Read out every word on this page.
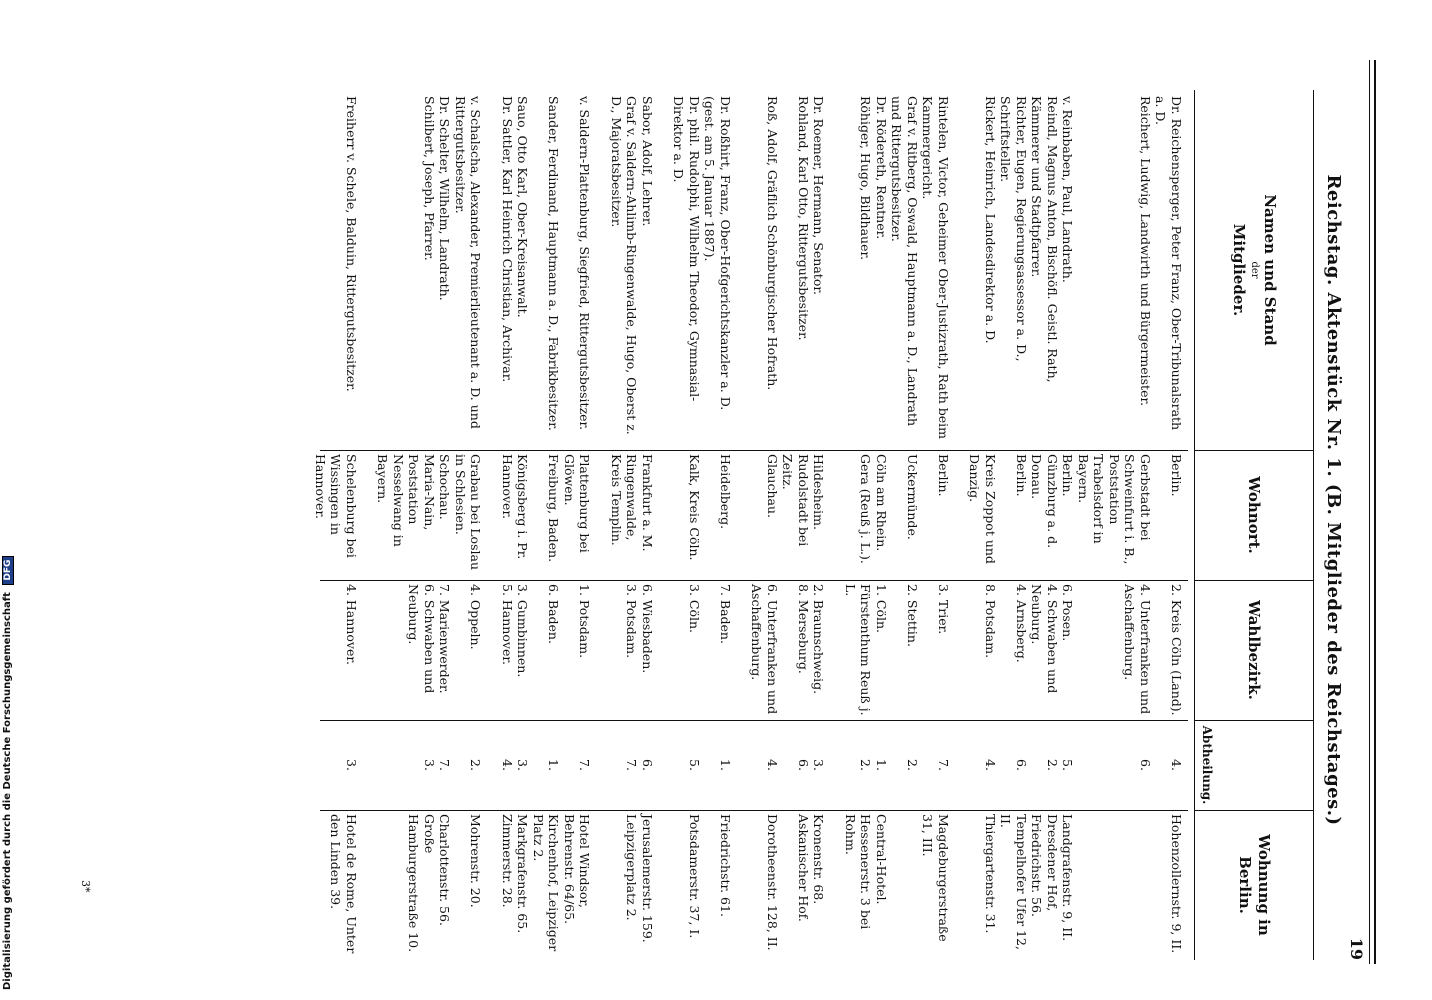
Digitalisierung gefördert durch die Deutsche Forschungsgemeinschaft DFG
19
Reichstag. Aktenstück Nr. 1. (B. Mitglieder des Reichstages.)
Namen und Stand
der
Mitglieder.
Wohnort.
Wahlbezirk.
Abtheilung.
Wohnung in
Berlin.
Dr. Reichensperger, Peter Franz, Ober-Tribunalsrath a. D.
Berlin.
2. Kreis Cöln (Land).
4.
Hohenzollernstr. 9, II.
Reichert, Ludwig, Landwirth und Bürgermeister.
Gerbstadt bei Schweinfurt i. B., Poststation Trabelsdorf in Bayern.
4. Unterfranken und Aschaffenburg.
6.
v. Reinbaben, Paul, Landrath.
Berlin.
6. Posen.
5.
Landgrafenstr. 9, II.
Reindl, Magnus Anton, Bischöfl. Geistl. Rath, Kämmerer und Stadtpfarrer.
Günzburg a. d. Donau.
4. Schwaben und Neuburg.
2.
Dresdener Hof, Friedrichstr. 56.
Richter, Eugen, Regierungsassessor a. D., Schriftsteller.
Berlin.
4. Arnsberg.
6.
Tempelhofer Ufer 12, II.
Rickert, Heinrich, Landesdirektor a. D.
Kreis Zoppot und Danzig.
8. Potsdam.
4.
Thiergartenstr. 31.
Rintelen, Victor, Geheimer Ober-Justizrath, Rath beim Kammergericht.
Berlin.
3. Trier.
7.
Magdeburgerstraße 31, III.
Graf v. Ritberg, Oswald, Hauptmann a. D., Landrath und Rittergutsbesitzer.
Uckermünde.
2. Stettin.
2.
Dr. Rödereth, Rentner.
Cöln am Rhein.
1. Cöln.
1.
Central-Hotel.
Röhiger, Hugo, Bildhauer.
Gera (Reuß j. L.).
Fürstenthum Reuß j. L.
2.
Hessenerstr. 3 bei Rohm.
Dr. Roemer, Hermann, Senator.
Hildesheim.
2. Braunschweig.
3.
Kronenstr. 68.
Rohland, Karl Otto, Rittergutsbesitzer.
Rudolstadt bei Zeitz.
8. Merseburg.
6.
Askanischer Hof.
Roß, Adolf, Gräflich Schönburgischer Hofrath.
Glauchau.
6. Unterfranken und Aschaffenburg.
4.
Dorotheenstr. 128, II.
Dr. Roßhirt, Franz, Ober-Hofgerichtskanzler a. D. (gest. am 5. Januar 1887).
Heidelberg.
7. Baden.
1.
Friedrichstr. 61.
Dr. phil. Rudolphi, Wilhelm Theodor, Gymnasial-Direktor a. D.
Kalk, Kreis Cöln.
3. Cöln.
5.
Potsdamerstr. 37, I.
Sabor, Adolf, Lehrer.
Frankfurt a. M.
6. Wiesbaden.
6.
Jerusalemerstr. 159.
Graf v. Saldern-Ahlimb-Ringenwalde, Hugo, Oberst z. D., Majoratsbesitzer.
Ringenwalde, Kreis Templin.
3. Potsdam.
7.
Leipzigerplatz 2.
v. Saldern-Plattenburg, Siegfried, Rittergutsbesitzer.
Plattenburg bei Glöwen.
1. Potsdam.
7.
Hotel Windsor, Behrenstr. 64/65.
Sander, Ferdinand, Hauptmann a. D., Fabrikbesitzer.
Freiburg, Baden.
6. Baden.
1.
Kirchenhof, Leipziger Platz 2.
Sauo, Otto Karl, Ober-Kreisanwalt.
Königsberg i. Pr.
3. Gumbinnen.
3.
Markgrafenstr. 65.
Dr. Sattler, Karl Heinrich Christian, Archivar.
Hannover.
5. Hannover.
4.
Zimmerstr. 28.
v. Schalscha, Alexander, Premierlieutenant a. D. und Rittergutsbesitzer.
Grabau bei Loslau in Schlesien.
4. Oppeln.
2.
Mohrenstr. 20.
Dr. Schelter, Wilhelm, Landrath.
Schochau.
7. Marienwerder.
7.
Charlottenstr. 56.
Schilbert, Joseph, Pfarrer.
Maria-Nain, Poststation Nesselwang in Bayern.
6. Schwaben und Neuburg.
3.
Große Hamburgerstraße 10.
Freiherr v. Schele, Balduin, Rittergutsbesitzer.
Schelenburg bei Wissingen in Hannover.
4. Hannover.
3.
Hotel de Rome, Unter den Linden 39.
3*
